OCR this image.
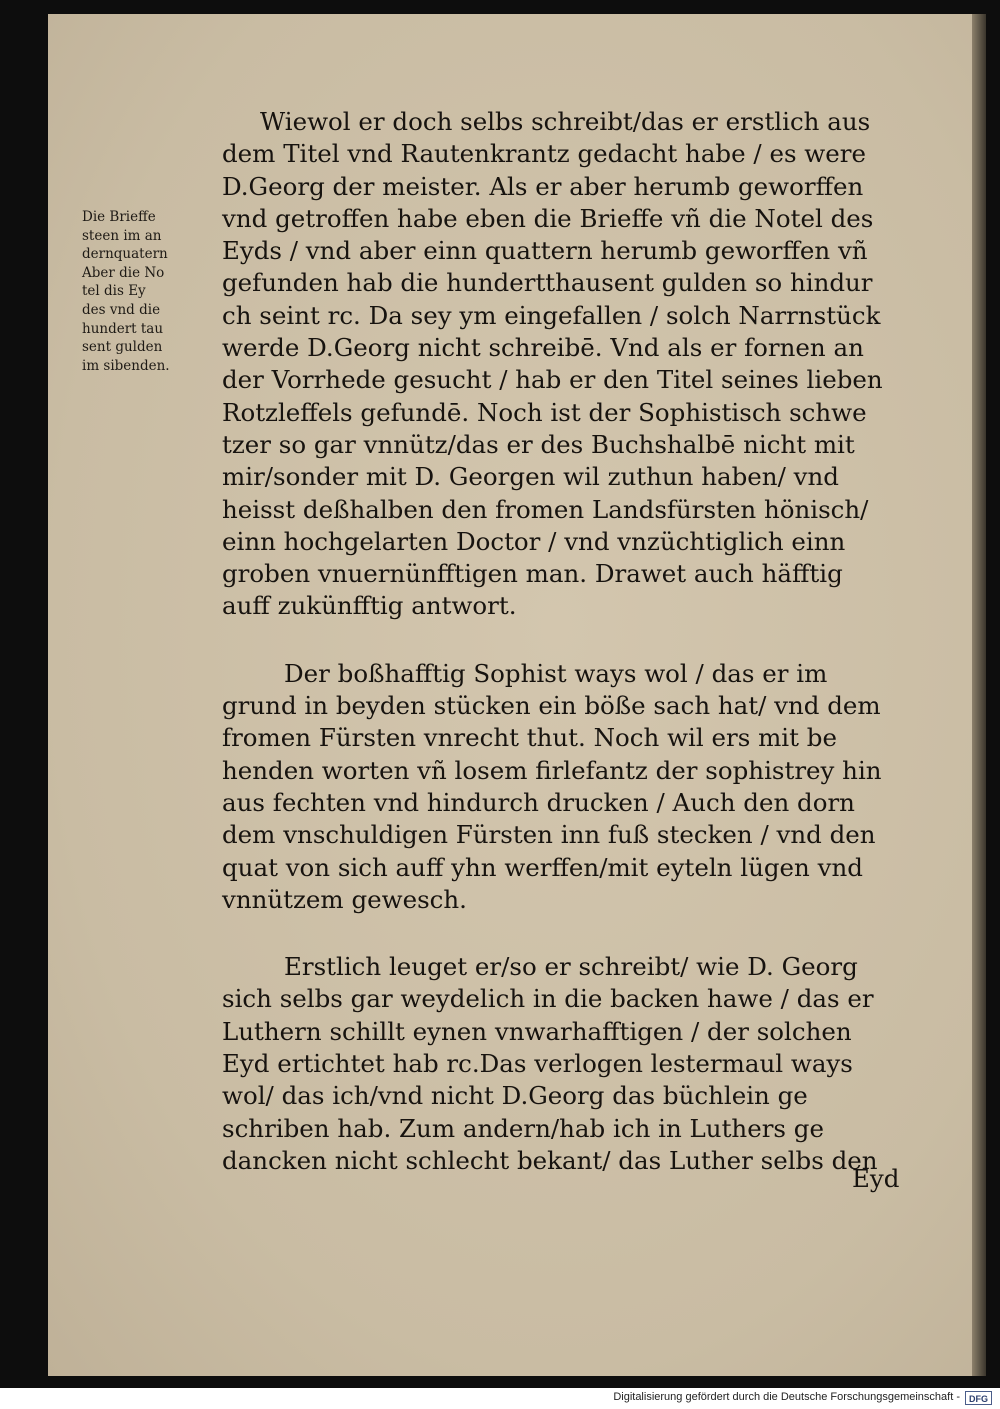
Die Brieffe
steen im an
dernquatern
Aber die No
tel dis Ey
des vnd die
hundert tau
sent gulden
im sibenden.
Wiewol er doch selbs schreibt/das er erstlich aus
dem Titel vnd Rautenkrantz gedacht habe / es were
D.Georg der meister. Als er aber herumb geworffen
vnd getroffen habe eben die Brieffe vñ die Notel des
Eyds / vnd aber einn quattern herumb geworffen vñ
gefunden hab die hundertthausent gulden so hindur
ch seint rc. Da sey ym eingefallen / solch Narrnstück
werde D.Georg nicht schreibē. Vnd als er fornen an
der Vorrhede gesucht / hab er den Titel seines lieben
Rotzleffels gefundē. Noch ist der Sophistisch schwe
tzer so gar vnnütz/das er des Buchshalbē nicht mit
mir/sonder mit D. Georgen wil zuthun haben/ vnd
heisst deßhalben den fromen Landsfürsten hönisch/
einn hochgelarten Doctor / vnd vnzüchtiglich einn
groben vnuernünfftigen man. Drawet auch häfftig
auff zukünfftig antwort.
Der boßhafftig Sophist ways wol / das er im
grund in beyden stücken ein böße sach hat/ vnd dem
fromen Fürsten vnrecht thut. Noch wil ers mit be
henden worten vñ losem firlefantz der sophistrey hin
aus fechten vnd hindurch drucken / Auch den dorn
dem vnschuldigen Fürsten inn fuß stecken / vnd den
quat von sich auff yhn werffen/mit eyteln lügen vnd
vnnützem gewesch.
Erstlich leuget er/so er schreibt/ wie D. Georg
sich selbs gar weydelich in die backen hawe / das er
Luthern schillt eynen vnwarhafftigen / der solchen
Eyd ertichtet hab rc.Das verlogen lestermaul ways
wol/ das ich/vnd nicht D.Georg das büchlein ge
schriben hab. Zum andern/hab ich in Luthers ge
dancken nicht schlecht bekant/ das Luther selbs den
Eyd
Digitalisierung gefördert durch die Deutsche Forschungsgemeinschaft -	DFG
